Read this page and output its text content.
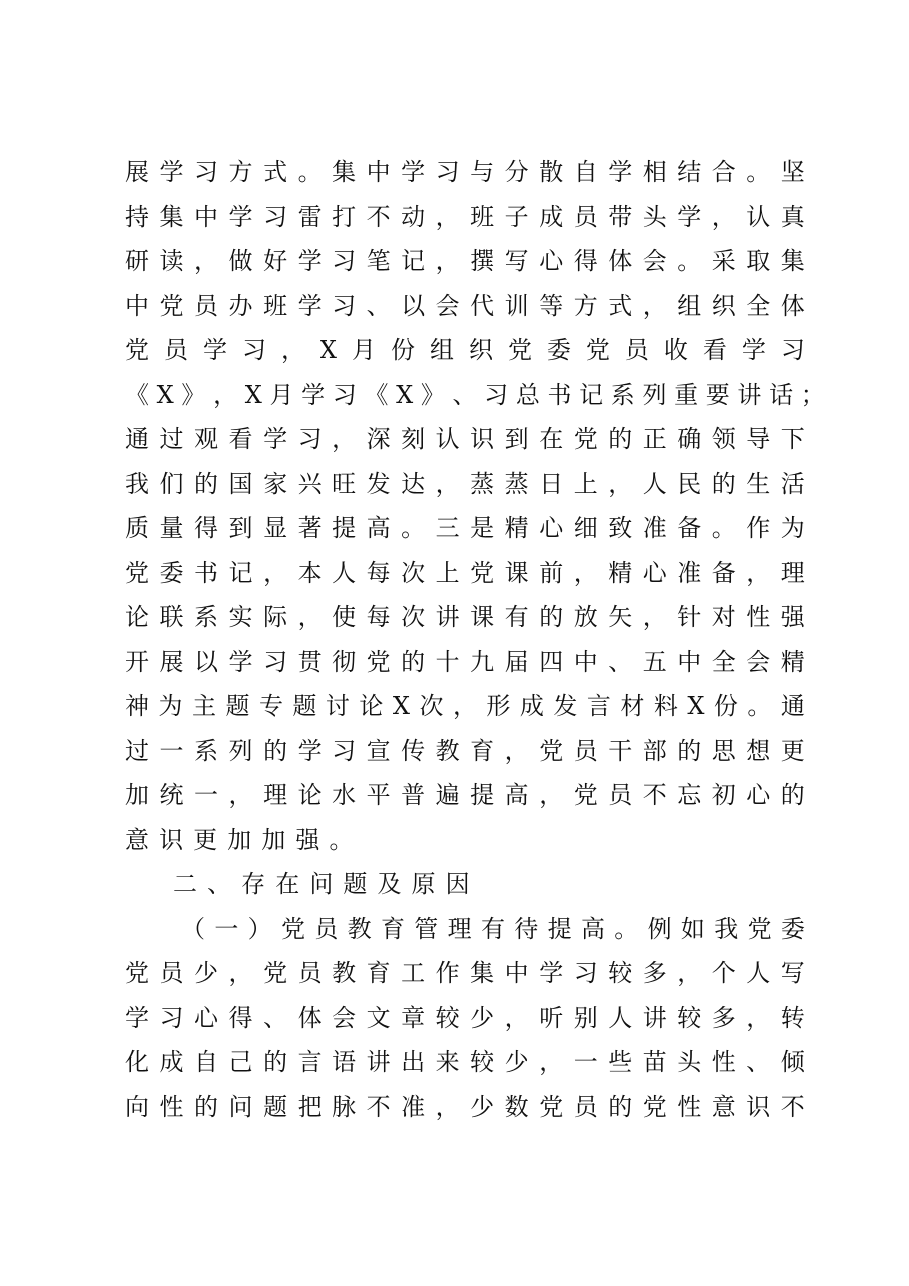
展 学 习 方 式 。 集 中 学 习 与 分 散 自 学 相 结 合 。 坚
持 集 中 学 习 雷 打 不 动 ， 班 子 成 员 带 头 学 ， 认 真
研 读 ， 做 好 学 习 笔 记 ， 撰 写 心 得 体 会 。 采 取 集
中 党 员 办 班 学 习 、 以 会 代 训 等 方 式 ， 组 织 全 体
党 员 学 习 ， X 月 份 组 织 党 委 党 员 收 看 学 习
《 X 》 ， X 月 学 习 《 X 》 、 习 总 书 记 系 列 重 要 讲 话 ；
通 过 观 看 学 习 ， 深 刻 认 识 到 在 党 的 正 确 领 导 下
我 们 的 国 家 兴 旺 发 达 ， 蒸 蒸 日 上 ， 人 民 的 生 活
质 量 得 到 显 著 提 高 。 三 是 精 心 细 致 准 备 。 作 为
党 委 书 记 ， 本 人 每 次 上 党 课 前 ， 精 心 准 备 ， 理
论 联 系 实 际 ， 使 每 次 讲 课 有 的 放 矢 ， 针 对 性 强
开 展 以 学 习 贯 彻 党 的 十 九 届 四 中 、 五 中 全 会 精
神 为 主 题 专 题 讨 论 X 次 ， 形 成 发 言 材 料 X 份 。 通
过 一 系 列 的 学 习 宣 传 教 育 ， 党 员 干 部 的 思 想 更
加 统 一 ， 理 论 水 平 普 遍 提 高 ， 党 员 不 忘 初 心 的
意识更加加强。
二、存在问题及原因
（ 一 ） 党 员 教 育 管 理 有 待 提 高 。 例 如 我 党 委
党 员 少 ， 党 员 教 育 工 作 集 中 学 习 较 多 ， 个 人 写
学 习 心 得 、 体 会 文 章 较 少 ， 听 别 人 讲 较 多 ， 转
化 成 自 己 的 言 语 讲 出 来 较 少 ， 一 些 苗 头 性 、 倾
向 性 的 问 题 把 脉 不 准 ， 少 数 党 员 的 党 性 意 识 不
